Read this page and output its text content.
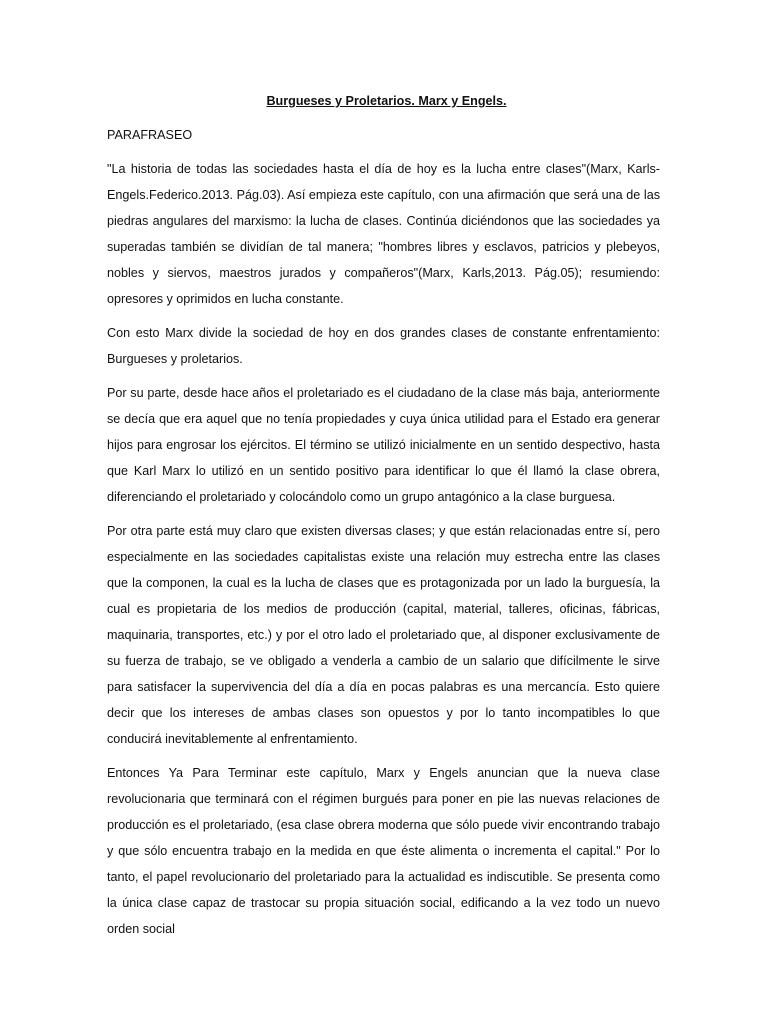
Burgueses y Proletarios. Marx y Engels.

PARAFRASEO

"La historia de todas las sociedades hasta el día de hoy es la lucha entre clases"(Marx, Karls-Engels.Federico.2013. Pág.03). Así empieza este capítulo, con una afirmación que será una de las piedras angulares del marxismo: la lucha de clases. Continúa diciéndonos que las sociedades ya superadas también se dividían de tal manera; "hombres libres y esclavos, patricios y plebeyos, nobles y siervos, maestros jurados y compañeros"(Marx, Karls,2013. Pág.05); resumiendo: opresores y oprimidos en lucha constante.

Con esto Marx divide la sociedad de hoy en dos grandes clases de constante enfrentamiento: Burgueses y proletarios.

Por su parte, desde hace años el proletariado es el ciudadano de la clase más baja, anteriormente se decía que era aquel que no tenía propiedades y cuya única utilidad para el Estado era generar hijos para engrosar los ejércitos. El término se utilizó inicialmente en un sentido despectivo, hasta que Karl Marx lo utilizó en un sentido positivo para identificar lo que él llamó la clase obrera, diferenciando el proletariado y colocándolo como un grupo antagónico a la clase burguesa.

Por otra parte está muy claro que existen diversas clases; y que están relacionadas entre sí, pero especialmente en las sociedades capitalistas existe una relación muy estrecha entre las clases que la componen, la cual es la lucha de clases que es protagonizada por un lado la burguesía, la cual es propietaria de los medios de producción (capital, material, talleres, oficinas, fábricas, maquinaria, transportes, etc.) y por el otro lado el proletariado que, al disponer exclusivamente de su fuerza de trabajo, se ve obligado a venderla a cambio de un salario que difícilmente le sirve para satisfacer la supervivencia del día a día en pocas palabras es una mercancía. Esto quiere decir que los intereses de ambas clases son opuestos y por lo tanto incompatibles lo que conducirá inevitablemente al enfrentamiento.

Entonces Ya Para Terminar este capítulo, Marx y Engels anuncian que la nueva clase revolucionaria que terminará con el régimen burgués para poner en pie las nuevas relaciones de producción es el proletariado, (esa clase obrera moderna que sólo puede vivir encontrando trabajo y que sólo encuentra trabajo en la medida en que éste alimenta o incrementa el capital." Por lo tanto, el papel revolucionario del proletariado para la actualidad es indiscutible. Se presenta como la única clase capaz de trastocar su propia situación social, edificando a la vez todo un nuevo orden social
